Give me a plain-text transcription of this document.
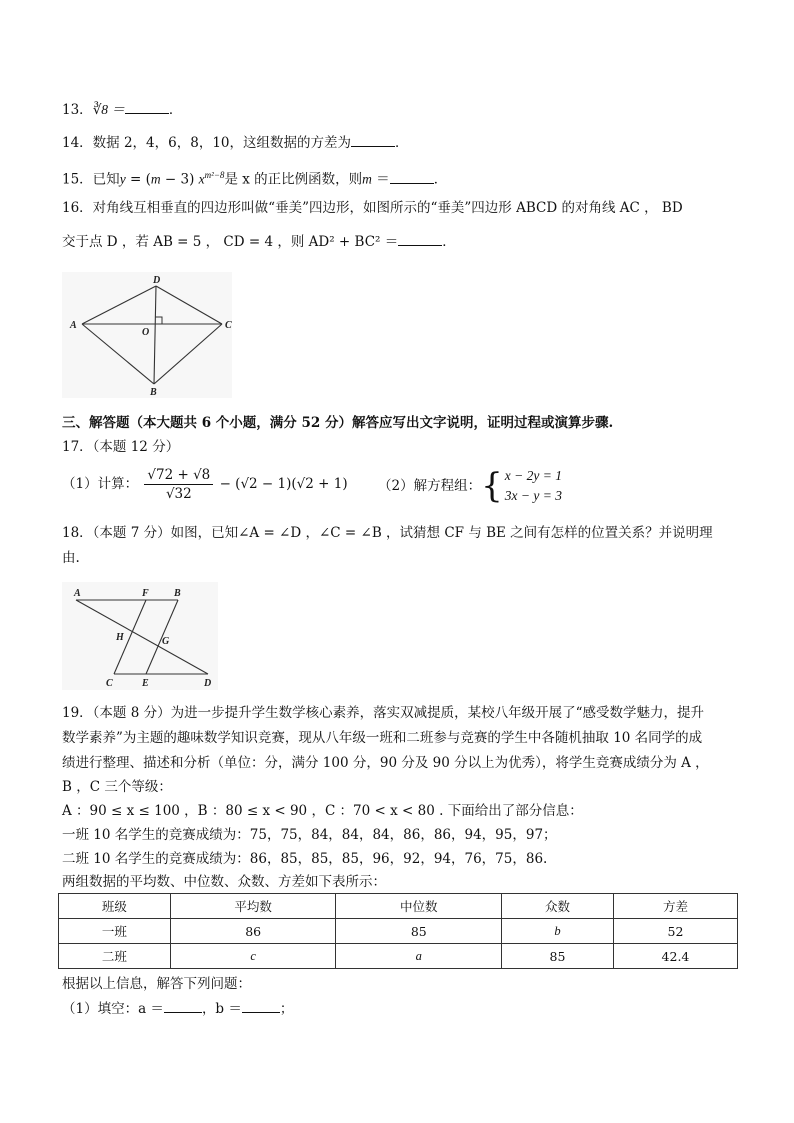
13．∛8 ＝	．
14．数据 2，4，6，8，10，这组数据的方差为	．
15．已知y = (m − 3) $x^{m^2-8}$是 x 的正比例函数，则m ＝	．
16．对角线互相垂直的四边形叫做“垂美”四边形，如图所示的“垂美”四边形 ABCD 的对角线 AC ， BD
交于点 D ，若 AB = 5 ， CD = 4 ，则 AD² + BC² ＝	．
A
D
C
B
O
三、解答题（本大题共 6 个小题，满分 52 分）解答应写出文字说明，证明过程或演算步骤.
17．（本题 12 分）
（1）计算： $\frac{√72 + √8}{√32} - (√2 - 1)(√2 + 1)$ （2）解方程组：{ x − 2y = 1
3x − y = 3
18．（本题 7 分）如图，已知∠A = ∠D ，∠C = ∠B ，试猜想 CF 与 BE 之间有怎样的位置关系？并说明理
由.
A	F	B
H	G
C	E	D
19．（本题 8 分）为进一步提升学生数学核心素养，落实双减提质，某校八年级开展了“感受数学魅力，提升
数学素养”为主题的趣味数学知识竞赛，现从八年级一班和二班参与竞赛的学生中各随机抽取 10 名同学的成
绩进行整理、描述和分析（单位：分，满分 100 分，90 分及 90 分以上为优秀），将学生竞赛成绩分为 A ，
B ，C 三个等级：
A ：90 ≤ x ≤ 100 ，B ：80 ≤ x < 90 ，C ：70 < x < 80 . 下面给出了部分信息：
一班 10 名学生的竞赛成绩为：75，75，84，84，84，86，86，94，95，97；
二班 10 名学生的竞赛成绩为：86，85，85，85，96，92，94，76，75，86.
两组数据的平均数、中位数、众数、方差如下表所示：
班级	平均数	中位数	众数	方差
一班	86	85	b	52
二班	c	a	85	42.4
根据以上信息，解答下列问题：
（1）填空：a ＝	，b ＝	；
